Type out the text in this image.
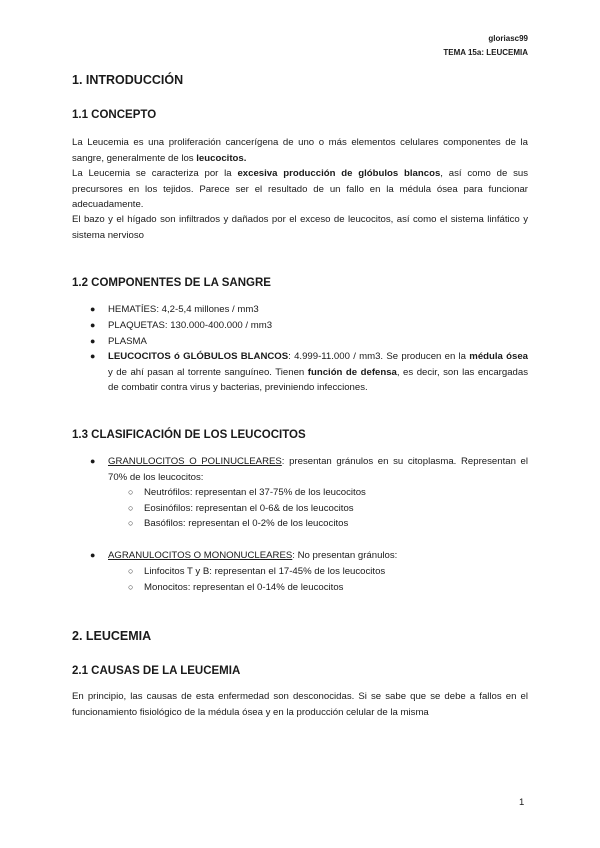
gloriasc99
TEMA 15a: LEUCEMIA
1. INTRODUCCIÓN
1.1 CONCEPTO

La Leucemia es una proliferación cancerígena de uno o más elementos celulares componentes de la sangre, generalmente de los leucocitos.

La Leucemia se caracteriza por la excesiva producción de glóbulos blancos, así como de sus precursores en los tejidos. Parece ser el resultado de un fallo en la médula ósea para funcionar adecuadamente.

El bazo y el hígado son infiltrados y dañados por el exceso de leucocitos, así como el sistema linfático y sistema nervioso

1.2 COMPONENTES DE LA SANGRE
● HEMATÍES: 4,2-5,4 millones / mm3
● PLAQUETAS: 130.000-400.000 / mm3
● PLASMA
● LEUCOCITOS ó GLÓBULOS BLANCOS: 4.999-11.000 / mm3. Se producen en la médula ósea y de ahí pasan al torrente sanguíneo. Tienen función de defensa, es decir, son las encargadas de combatir contra virus y bacterias, previniendo infecciones.
1.3 CLASIFICACIÓN DE LOS LEUCOCITOS
● GRANULOCITOS O POLINUCLEARES: presentan gránulos en su citoplasma. Representan el 70% de los leucocitos:
○ Neutrófilos: representan el 37-75% de los leucocitos
○ Eosinófilos: representan el 0-6& de los leucocitos
○ Basófilos: representan el 0-2% de los leucocitos
● AGRANULOCITOS O MONONUCLEARES: No presentan gránulos:
○ Linfocitos T y B: representan el 17-45% de los leucocitos
○ Monocitos: representan el 0-14% de leucocitos
2. LEUCEMIA
2.1 CAUSAS DE LA LEUCEMIA

En principio, las causas de esta enfermedad son desconocidas. Si se sabe que se debe a fallos en el funcionamiento fisiológico de la médula ósea y en la producción celular de la misma

1
